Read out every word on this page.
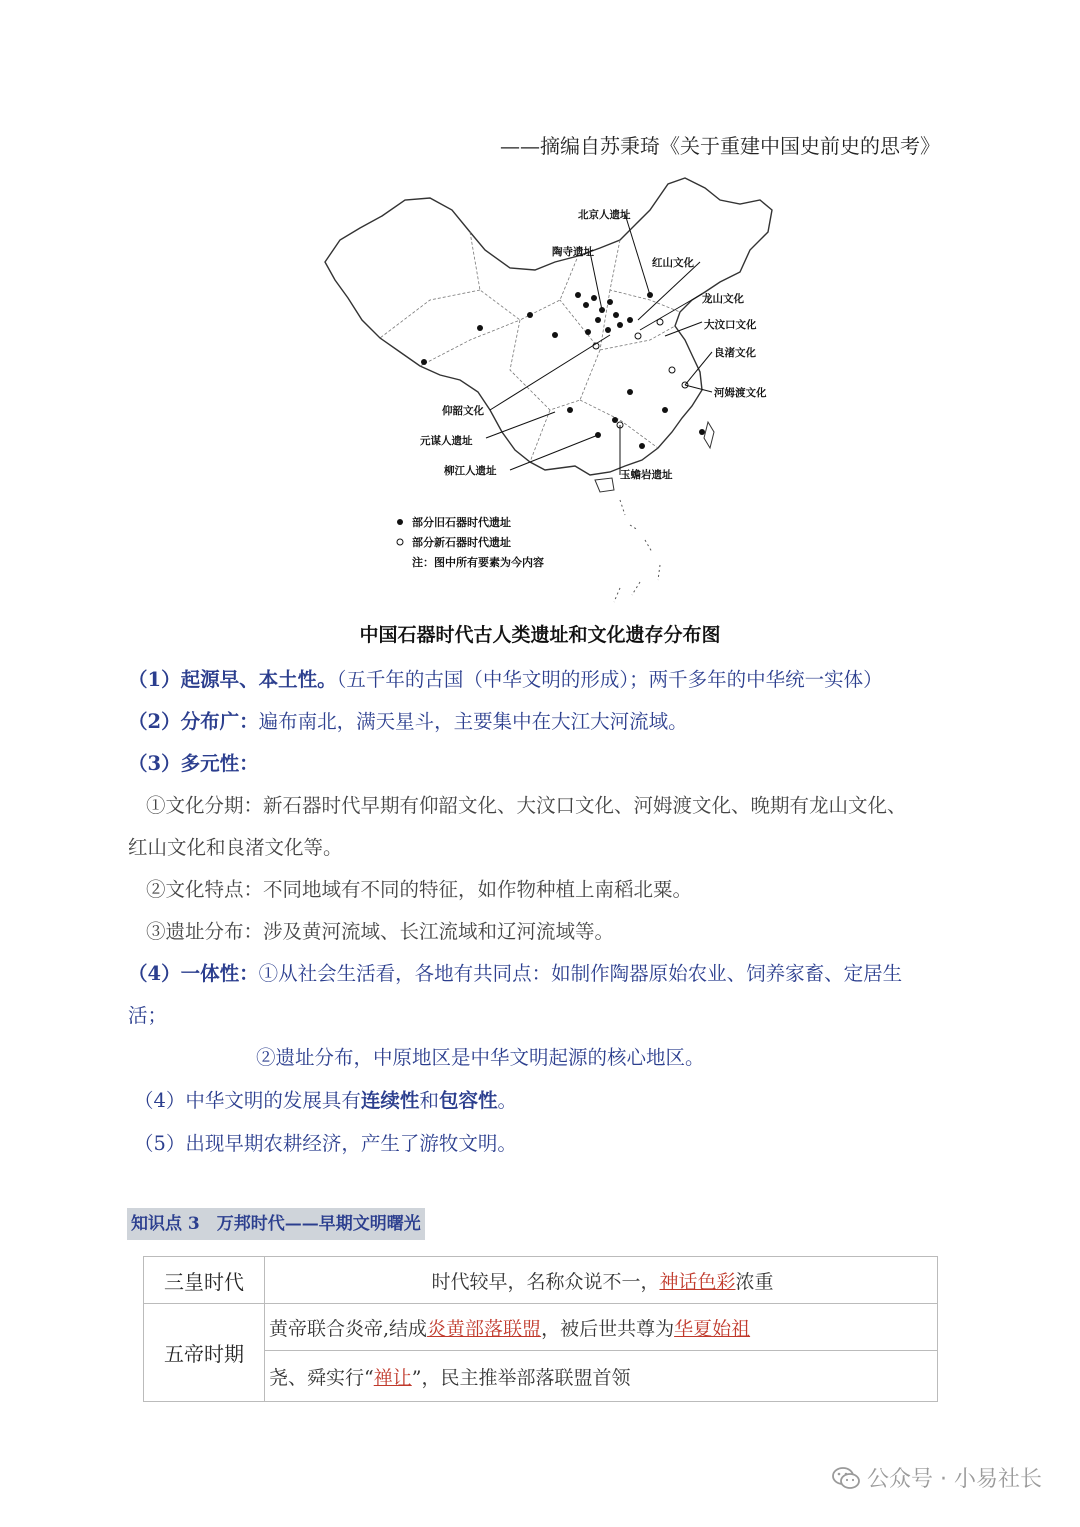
——摘编自苏秉琦《关于重建中国史前史的思考》
北京人遗址
陶寺遗址
红山文化
龙山文化
大汶口文化
良渚文化
河姆渡文化
仰韶文化
元谋人遗址
柳江人遗址	玉蟾岩遗址
部分旧石器时代遗址
部分新石器时代遗址
注：图中所有要素为今内容
中国石器时代古人类遗址和文化遗存分布图
（1）起源早、本土性。（五千年的古国（中华文明的形成）；两千多年的中华统一实体）
（2）分布广：遍布南北，满天星斗，主要集中在大江大河流域。
（3）多元性：
①文化分期：新石器时代早期有仰韶文化、大汶口文化、河姆渡文化、晚期有龙山文化、
红山文化和良渚文化等。
②文化特点：不同地域有不同的特征，如作物种植上南稻北粟。
③遗址分布：涉及黄河流域、长江流域和辽河流域等。
（4）一体性：①从社会生活看，各地有共同点：如制作陶器原始农业、饲养家畜、定居生
活；
②遗址分布，中原地区是中华文明起源的核心地区。
（4）中华文明的发展具有连续性和包容性。
（5）出现早期农耕经济，产生了游牧文明。
知识点 3　万邦时代——早期文明曙光
三皇时代	时代较早，名称众说不一，神话色彩浓重
五帝时期	黄帝联合炎帝,结成炎黄部落联盟，被后世共尊为华夏始祖
	尧、舜实行“禅让”，民主推举部落联盟首领
公众号 · 小易社长
